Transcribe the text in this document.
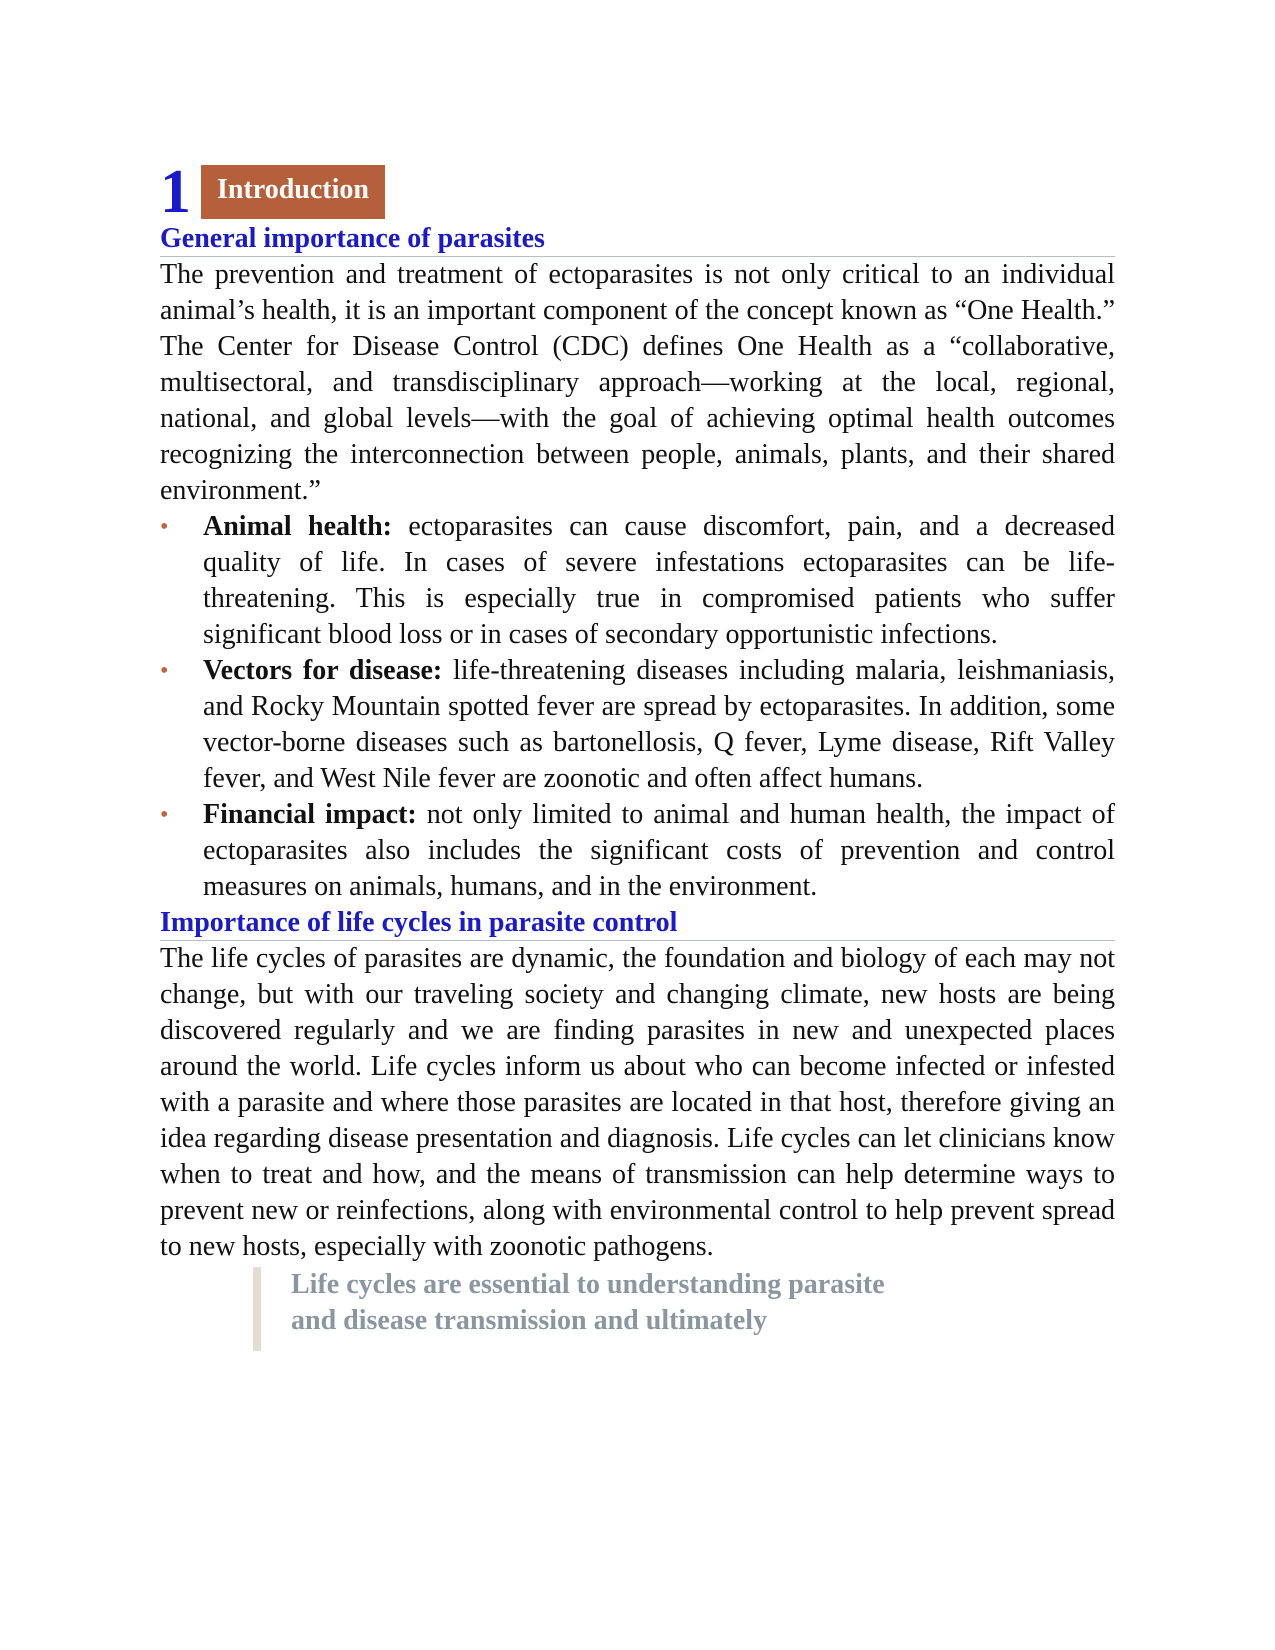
1 Introduction
General importance of parasites

The prevention and treatment of ectoparasites is not only critical to an individual animal’s health, it is an important component of the concept known as “One Health.” The Center for Disease Control (CDC) defines One Health as a “collaborative, multisectoral, and transdisciplinary approach—working at the local, regional, national, and global levels—with the goal of achieving optimal health outcomes recognizing the interconnection between people, animals, plants, and their shared environment.”

• Animal health: ectoparasites can cause discomfort, pain, and a decreased quality of life. In cases of severe infestations ectoparasites can be life-threatening. This is especially true in compromised patients who suffer significant blood loss or in cases of secondary opportunistic infections.
• Vectors for disease: life-threatening diseases including malaria, leishmaniasis, and Rocky Mountain spotted fever are spread by ectoparasites. In addition, some vector-borne diseases such as bartonellosis, Q fever, Lyme disease, Rift Valley fever, and West Nile fever are zoonotic and often affect humans.
• Financial impact: not only limited to animal and human health, the impact of ectoparasites also includes the significant costs of prevention and control measures on animals, humans, and in the environment.
Importance of life cycles in parasite control

The life cycles of parasites are dynamic, the foundation and biology of each may not change, but with our traveling society and changing climate, new hosts are being discovered regularly and we are finding parasites in new and unexpected places around the world. Life cycles inform us about who can become infected or infested with a parasite and where those parasites are located in that host, therefore giving an idea regarding disease presentation and diagnosis. Life cycles can let clinicians know when to treat and how, and the means of transmission can help determine ways to prevent new or reinfections, along with environmental control to help prevent spread to new hosts, especially with zoonotic pathogens.

Life cycles are essential to understanding parasite
and disease transmission and ultimately
